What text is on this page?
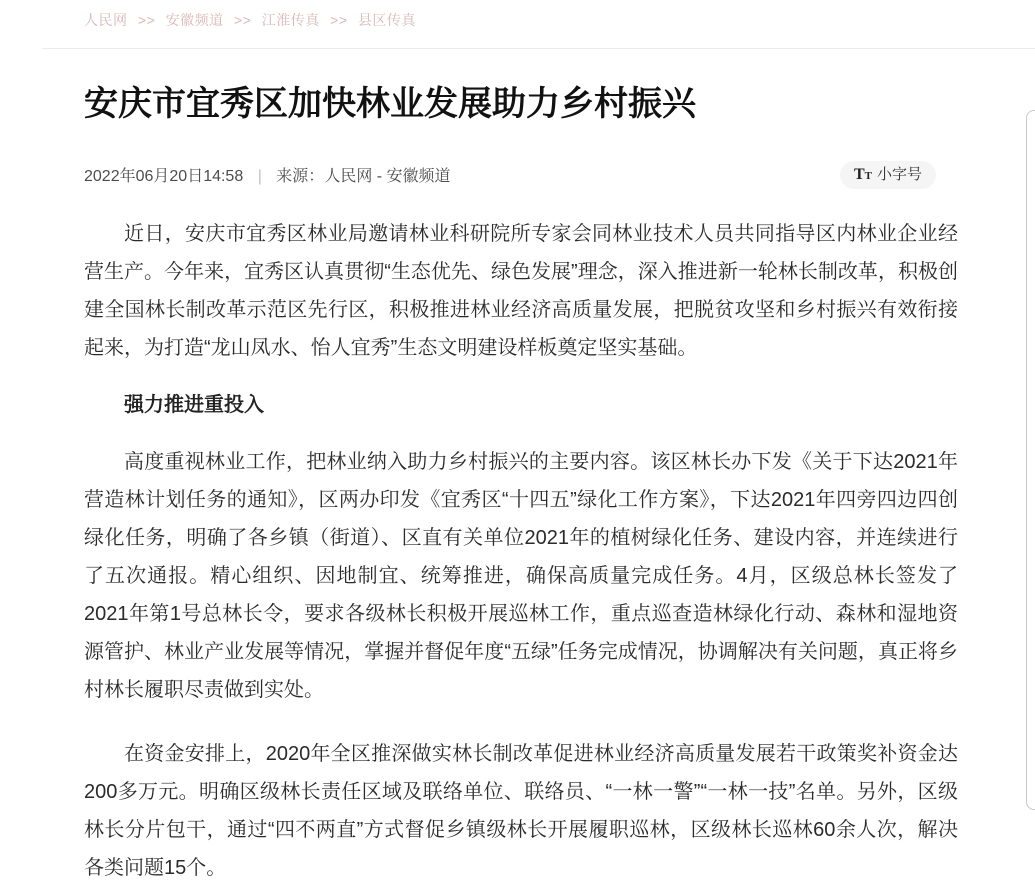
人民网 >> 安徽频道 >> 江淮传真 >> 县区传真
安庆市宜秀区加快林业发展助力乡村振兴
2022年06月20日14:58 | 来源：人民网 - 安徽频道	TT 小字号

近日，安庆市宜秀区林业局邀请林业科研院所专家会同林业技术人员共同指导区内林业企业经营生产。今年来，宜秀区认真贯彻“生态优先、绿色发展”理念，深入推进新一轮林长制改革，积极创建全国林长制改革示范区先行区，积极推进林业经济高质量发展，把脱贫攻坚和乡村振兴有效衔接起来，为打造“龙山凤水、怡人宜秀”生态文明建设样板奠定坚实基础。

强力推进重投入

高度重视林业工作，把林业纳入助力乡村振兴的主要内容。该区林长办下发《关于下达2021年营造林计划任务的通知》，区两办印发《宜秀区“十四五”绿化工作方案》，下达2021年四旁四边四创绿化任务，明确了各乡镇（街道）、区直有关单位2021年的植树绿化任务、建设内容，并连续进行了五次通报。精心组织、因地制宜、统筹推进，确保高质量完成任务。4月，区级总林长签发了2021年第1号总林长令，要求各级林长积极开展巡林工作，重点巡查造林绿化行动、森林和湿地资源管护、林业产业发展等情况，掌握并督促年度“五绿”任务完成情况，协调解决有关问题，真正将乡村林长履职尽责做到实处。

在资金安排上，2020年全区推深做实林长制改革促进林业经济高质量发展若干政策奖补资金达200多万元。明确区级林长责任区域及联络单位、联络员、“一林一警”“一林一技”名单。另外，区级林长分片包干，通过“四不两直”方式督促乡镇级林长开展履职巡林，区级林长巡林60余人次，解决各类问题15个。
